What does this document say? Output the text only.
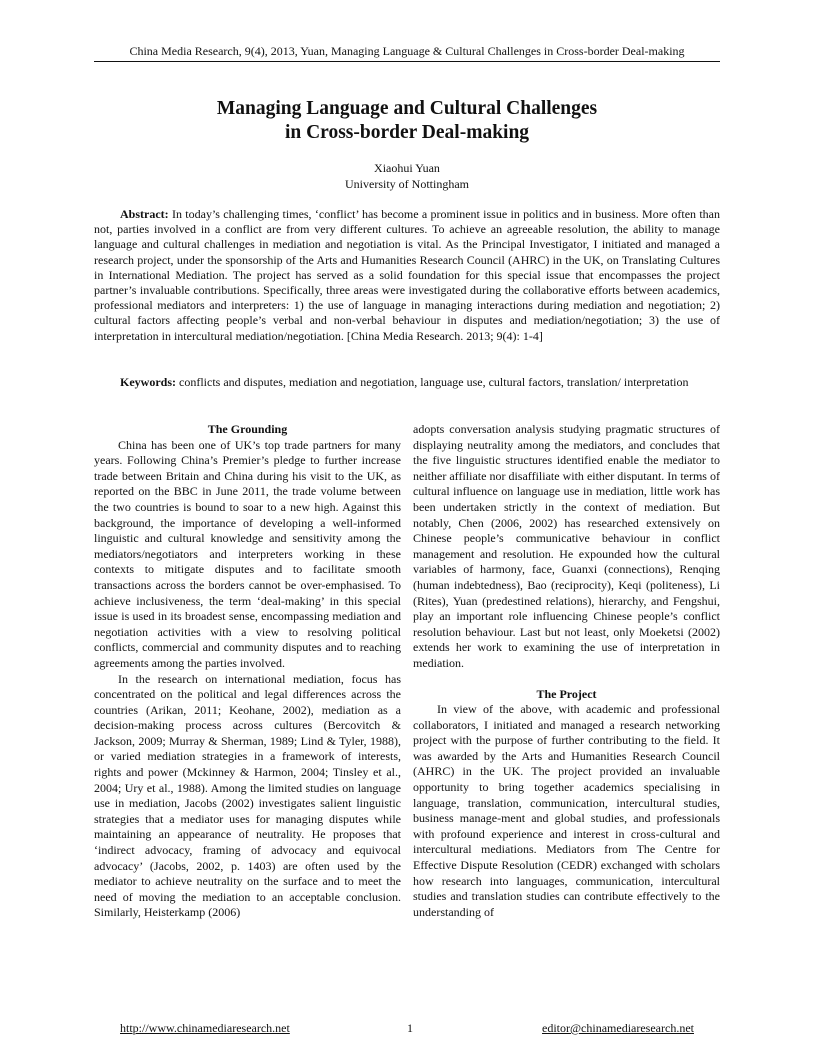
China Media Research, 9(4), 2013, Yuan, Managing Language & Cultural Challenges in Cross-border Deal-making
Managing Language and Cultural Challenges
in Cross-border Deal-making
Xiaohui Yuan
University of Nottingham

Abstract: In today’s challenging times, ‘conflict’ has become a prominent issue in politics and in business. More often than not, parties involved in a conflict are from very different cultures. To achieve an agreeable resolution, the ability to manage language and cultural challenges in mediation and negotiation is vital. As the Principal Investigator, I initiated and managed a research project, under the sponsorship of the Arts and Humanities Research Council (AHRC) in the UK, on Translating Cultures in International Mediation. The project has served as a solid foundation for this special issue that encompasses the project partner’s invaluable contributions. Specifically, three areas were investigated during the collaborative efforts between academics, professional mediators and interpreters: 1) the use of language in managing interactions during mediation and negotiation; 2) cultural factors affecting people’s verbal and non-verbal behaviour in disputes and mediation/negotiation; 3) the use of interpretation in intercultural mediation/negotiation. [China Media Research. 2013; 9(4): 1-4]

Keywords: conflicts and disputes, mediation and negotiation, language use, cultural factors, translation/ interpretation

The Grounding

China has been one of UK’s top trade partners for many years. Following China’s Premier’s pledge to further increase trade between Britain and China during his visit to the UK, as reported on the BBC in June 2011, the trade volume between the two countries is bound to soar to a new high. Against this background, the importance of developing a well-informed linguistic and cultural knowledge and sensitivity among the mediators/negotiators and interpreters working in these contexts to mitigate disputes and to facilitate smooth transactions across the borders cannot be over-emphasised. To achieve inclusiveness, the term ‘deal-making’ in this special issue is used in its broadest sense, encompassing mediation and negotiation activities with a view to resolving political conflicts, commercial and community disputes and to reaching agreements among the parties involved.

In the research on international mediation, focus has concentrated on the political and legal differences across the countries (Arikan, 2011; Keohane, 2002), mediation as a decision-making process across cultures (Bercovitch & Jackson, 2009; Murray & Sherman, 1989; Lind & Tyler, 1988), or varied mediation strategies in a framework of interests, rights and power (Mckinney & Harmon, 2004; Tinsley et al., 2004; Ury et al., 1988). Among the limited studies on language use in mediation, Jacobs (2002) investigates salient linguistic strategies that a mediator uses for managing disputes while maintaining an appearance of neutrality. He proposes that ‘indirect advocacy, framing of advocacy and equivocal advocacy’ (Jacobs, 2002, p. 1403) are often used by the mediator to achieve neutrality on the surface and to meet the need of moving the mediation to an acceptable conclusion. Similarly, Heisterkamp (2006)

adopts conversation analysis studying pragmatic structures of displaying neutrality among the mediators, and concludes that the five linguistic structures identified enable the mediator to neither affiliate nor disaffiliate with either disputant. In terms of cultural influence on language use in mediation, little work has been undertaken strictly in the context of mediation. But notably, Chen (2006, 2002) has researched extensively on Chinese people’s communicative behaviour in conflict management and resolution. He expounded how the cultural variables of harmony, face, Guanxi (connections), Renqing (human indebtedness), Bao (reciprocity), Keqi (politeness), Li (Rites), Yuan (predestined relations), hierarchy, and Fengshui, play an important role influencing Chinese people’s conflict resolution behaviour. Last but not least, only Moeketsi (2002) extends her work to examining the use of interpretation in mediation.

The Project

In view of the above, with academic and professional collaborators, I initiated and managed a research networking project with the purpose of further contributing to the field. It was awarded by the Arts and Humanities Research Council (AHRC) in the UK. The project provided an invaluable opportunity to bring together academics specialising in language, translation, communication, intercultural studies, business manage-ment and global studies, and professionals with profound experience and interest in cross-cultural and intercultural mediations. Mediators from The Centre for Effective Dispute Resolution (CEDR) exchanged with scholars how research into languages, communication, intercultural studies and translation studies can contribute effectively to the understanding of

http://www.chinamediaresearch.net	1	editor@chinamediaresearch.net
